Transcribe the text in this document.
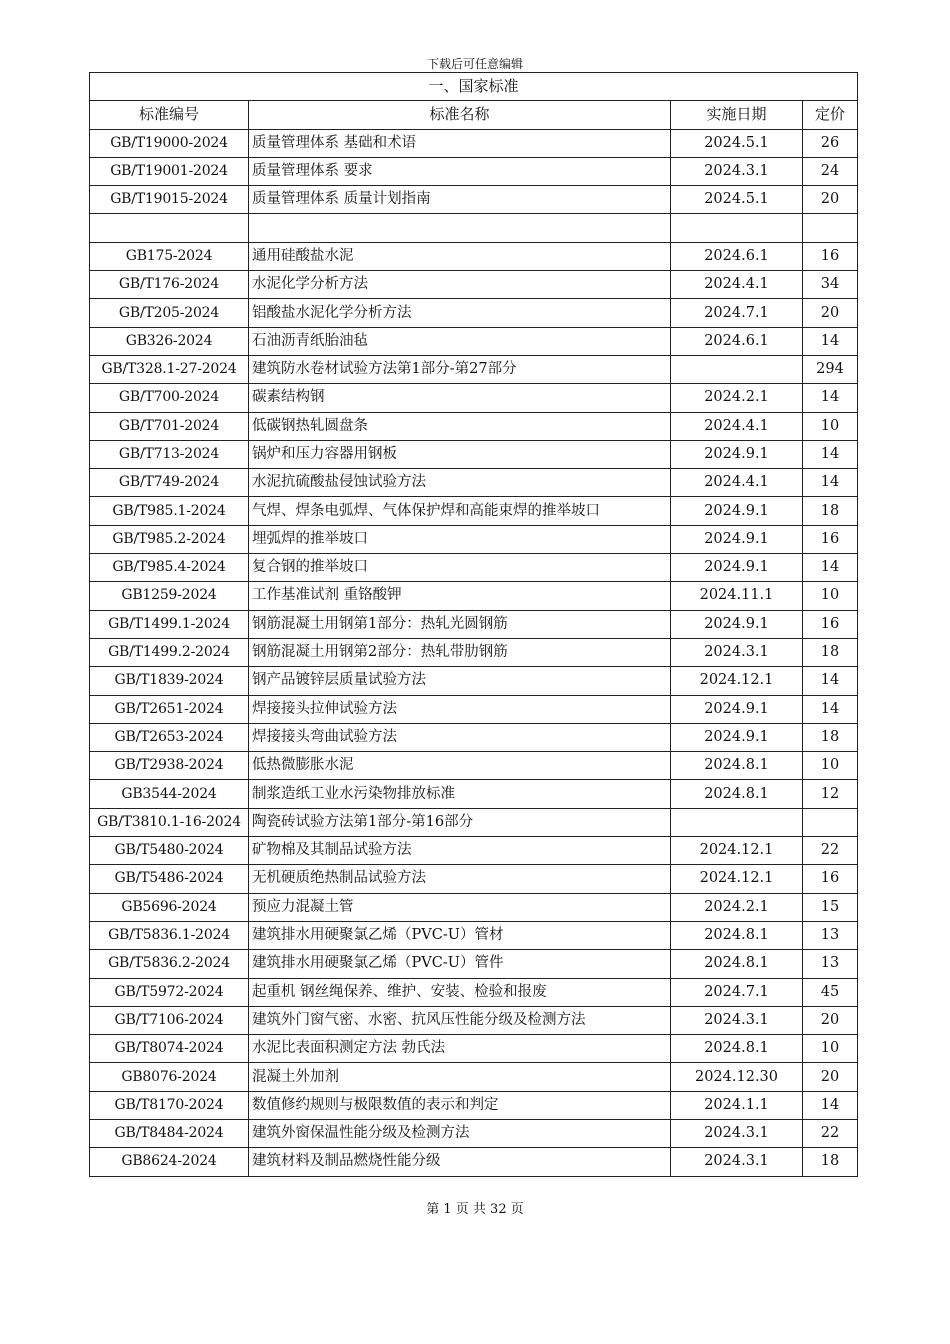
下载后可任意编辑
一、国家标准			
标准编号	标准名称	实施日期	定价
GB/T19000-2024	质量管理体系 基础和术语	2024.5.1	26
GB/T19001-2024	质量管理体系 要求	2024.3.1	24
GB/T19015-2024	质量管理体系 质量计划指南	2024.5.1	20

GB175-2024	通用硅酸盐水泥	2024.6.1	16
GB/T176-2024	水泥化学分析方法	2024.4.1	34
GB/T205-2024	铝酸盐水泥化学分析方法	2024.7.1	20
GB326-2024	石油沥青纸胎油毡	2024.6.1	14
GB/T328.1-27-2024	建筑防水卷材试验方法第1部分-第27部分		294
GB/T700-2024	碳素结构钢	2024.2.1	14
GB/T701-2024	低碳钢热轧圆盘条	2024.4.1	10
GB/T713-2024	锅炉和压力容器用钢板	2024.9.1	14
GB/T749-2024	水泥抗硫酸盐侵蚀试验方法	2024.4.1	14
GB/T985.1-2024	气焊、焊条电弧焊、气体保护焊和高能束焊的推举坡口	2024.9.1	18
GB/T985.2-2024	埋弧焊的推举坡口	2024.9.1	16
GB/T985.4-2024	复合钢的推举坡口	2024.9.1	14
GB1259-2024	工作基准试剂 重铬酸钾	2024.11.1	10
GB/T1499.1-2024	钢筋混凝土用钢第1部分：热轧光圆钢筋	2024.9.1	16
GB/T1499.2-2024	钢筋混凝土用钢第2部分：热轧带肋钢筋	2024.3.1	18
GB/T1839-2024	钢产品镀锌层质量试验方法	2024.12.1	14
GB/T2651-2024	焊接接头拉伸试验方法	2024.9.1	14
GB/T2653-2024	焊接接头弯曲试验方法	2024.9.1	18
GB/T2938-2024	低热微膨胀水泥	2024.8.1	10
GB3544-2024	制浆造纸工业水污染物排放标准	2024.8.1	12
GB/T3810.1-16-2024	陶瓷砖试验方法第1部分-第16部分		
GB/T5480-2024	矿物棉及其制品试验方法	2024.12.1	22
GB/T5486-2024	无机硬质绝热制品试验方法	2024.12.1	16
GB5696-2024	预应力混凝土管	2024.2.1	15
GB/T5836.1-2024	建筑排水用硬聚氯乙烯（PVC-U）管材	2024.8.1	13
GB/T5836.2-2024	建筑排水用硬聚氯乙烯（PVC-U）管件	2024.8.1	13
GB/T5972-2024	起重机 钢丝绳保养、维护、安装、检验和报废	2024.7.1	45
GB/T7106-2024	建筑外门窗气密、水密、抗风压性能分级及检测方法	2024.3.1	20
GB/T8074-2024	水泥比表面积测定方法 勃氏法	2024.8.1	10
GB8076-2024	混凝土外加剂	2024.12.30	20
GB/T8170-2024	数值修约规则与极限数值的表示和判定	2024.1.1	14
GB/T8484-2024	建筑外窗保温性能分级及检测方法	2024.3.1	22
GB8624-2024	建筑材料及制品燃烧性能分级	2024.3.1	18
第 1 页 共 32 页
